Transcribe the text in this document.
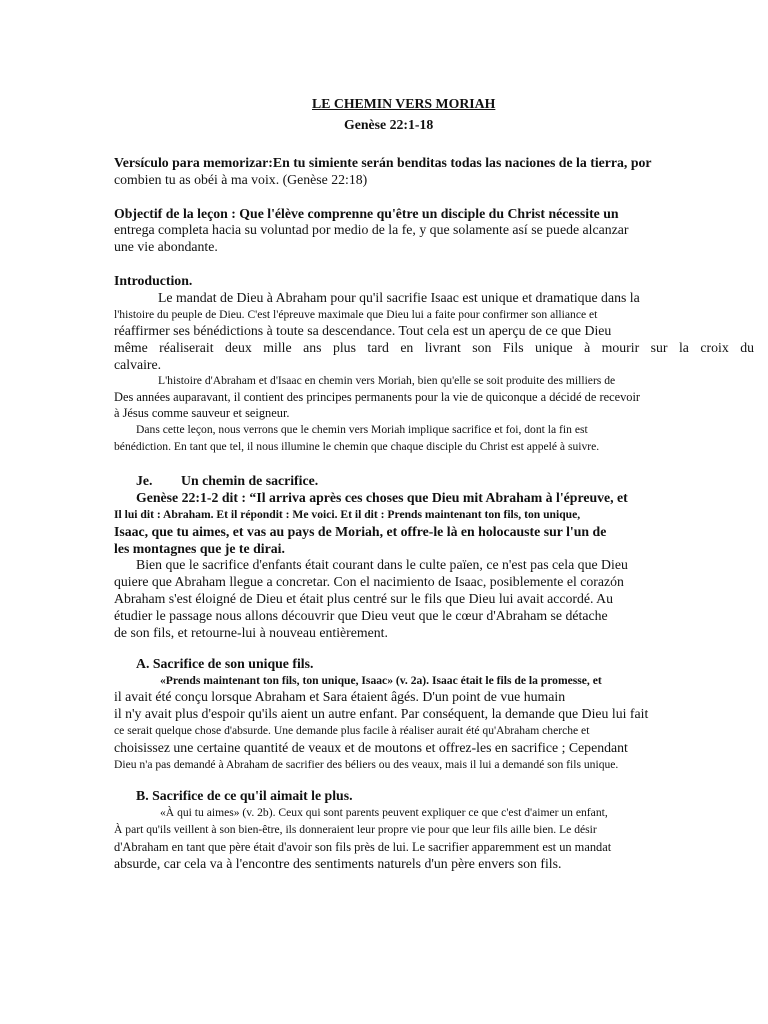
LE CHEMIN VERS MORIAH
Genèse 22:1-18
Versículo para memorizar:En tu simiente serán benditas todas las naciones de la tierra, por
combien tu as obéi à ma voix. (Genèse 22:18)
Objectif de la leçon : Que l'élève comprenne qu'être un disciple du Christ nécessite un
entrega completa hacia su voluntad por medio de la fe, y que solamente así se puede alcanzar
une vie abondante.
Introduction.
Le mandat de Dieu à Abraham pour qu'il sacrifie Isaac est unique et dramatique dans la
l'histoire du peuple de Dieu. C'est l'épreuve maximale que Dieu lui a faite pour confirmer son alliance et
réaffirmer ses bénédictions à toute sa descendance. Tout cela est un aperçu de ce que Dieu
même réaliserait deux mille ans plus tard en livrant son Fils unique à mourir sur la croix du
calvaire.
L'histoire d'Abraham et d'Isaac en chemin vers Moriah, bien qu'elle se soit produite des milliers de
Des années auparavant, il contient des principes permanents pour la vie de quiconque a décidé de recevoir
à Jésus comme sauveur et seigneur.
Dans cette leçon, nous verrons que le chemin vers Moriah implique sacrifice et foi, dont la fin est
bénédiction. En tant que tel, il nous illumine le chemin que chaque disciple du Christ est appelé à suivre.
Je. Un chemin de sacrifice.
Genèse 22:1-2 dit : “Il arriva après ces choses que Dieu mit Abraham à l'épreuve, et
Il lui dit : Abraham. Et il répondit : Me voici. Et il dit : Prends maintenant ton fils, ton unique,
Isaac, que tu aimes, et vas au pays de Moriah, et offre-le là en holocauste sur l'un de
les montagnes que je te dirai.
Bien que le sacrifice d'enfants était courant dans le culte païen, ce n'est pas cela que Dieu
quiere que Abraham llegue a concretar. Con el nacimiento de Isaac, posiblemente el corazón
Abraham s'est éloigné de Dieu et était plus centré sur le fils que Dieu lui avait accordé. Au
étudier le passage nous allons découvrir que Dieu veut que le cœur d'Abraham se détache
de son fils, et retourne-lui à nouveau entièrement.
A. Sacrifice de son unique fils.
«Prends maintenant ton fils, ton unique, Isaac» (v. 2a). Isaac était le fils de la promesse, et
il avait été conçu lorsque Abraham et Sara étaient âgés. D'un point de vue humain
il n'y avait plus d'espoir qu'ils aient un autre enfant. Par conséquent, la demande que Dieu lui fait
ce serait quelque chose d'absurde. Une demande plus facile à réaliser aurait été qu'Abraham cherche et
choisissez une certaine quantité de veaux et de moutons et offrez-les en sacrifice ; Cependant
Dieu n'a pas demandé à Abraham de sacrifier des béliers ou des veaux, mais il lui a demandé son fils unique.
B. Sacrifice de ce qu'il aimait le plus.
«À qui tu aimes» (v. 2b). Ceux qui sont parents peuvent expliquer ce que c'est d'aimer un enfant,
À part qu'ils veillent à son bien-être, ils donneraient leur propre vie pour que leur fils aille bien. Le désir
d'Abraham en tant que père était d'avoir son fils près de lui. Le sacrifier apparemment est un mandat
absurde, car cela va à l'encontre des sentiments naturels d'un père envers son fils.
